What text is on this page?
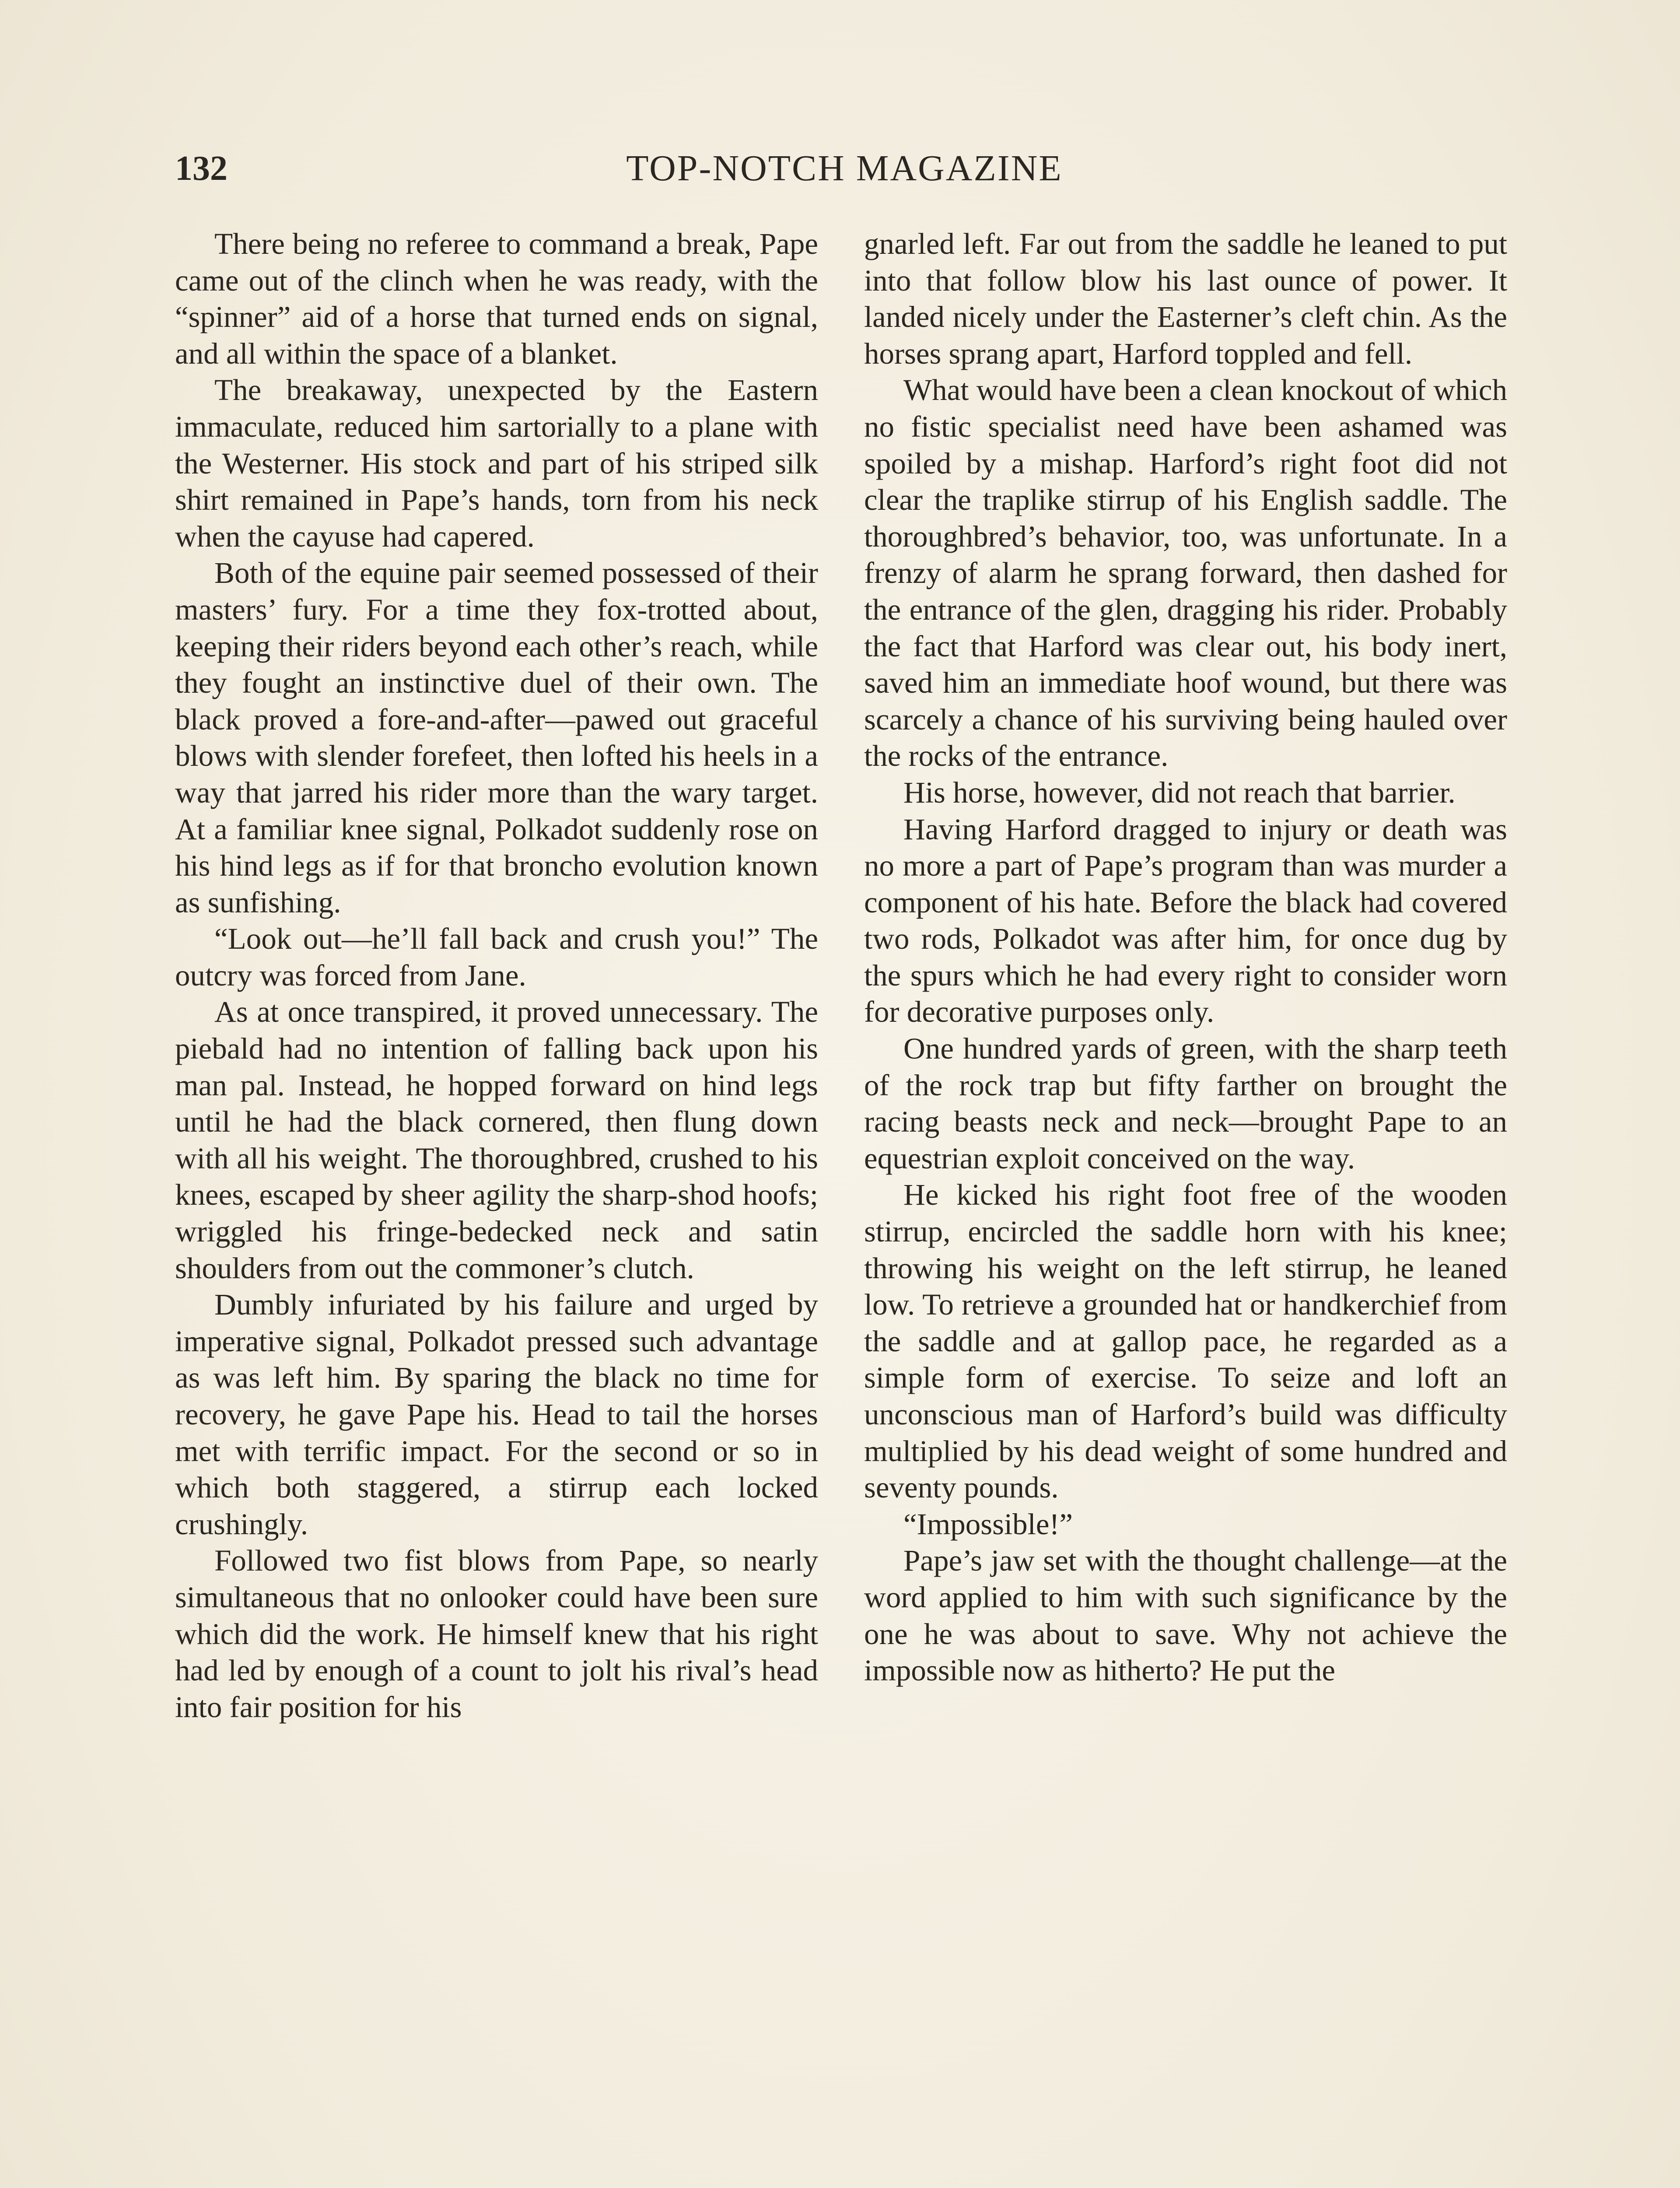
132	TOP-NOTCH MAGAZINE

There being no referee to command a break, Pape came out of the clinch when he was ready, with the “spinner” aid of a horse that turned ends on signal, and all within the space of a blanket.

The breakaway, unexpected by the Eastern immaculate, reduced him sartorially to a plane with the Westerner. His stock and part of his striped silk shirt remained in Pape’s hands, torn from his neck when the cayuse had capered.

Both of the equine pair seemed possessed of their masters’ fury. For a time they fox-trotted about, keeping their riders beyond each other’s reach, while they fought an instinctive duel of their own. The black proved a fore-and-after—pawed out graceful blows with slender forefeet, then lofted his heels in a way that jarred his rider more than the wary target. At a familiar knee signal, Polkadot suddenly rose on his hind legs as if for that broncho evolution known as sunfishing.

“Look out—he’ll fall back and crush you!” The outcry was forced from Jane.

As at once transpired, it proved unnecessary. The piebald had no intention of falling back upon his man pal. Instead, he hopped forward on hind legs until he had the black cornered, then flung down with all his weight. The thoroughbred, crushed to his knees, escaped by sheer agility the sharp-shod hoofs; wriggled his fringe-bedecked neck and satin shoulders from out the commoner’s clutch.

Dumbly infuriated by his failure and urged by imperative signal, Polkadot pressed such advantage as was left him. By sparing the black no time for recovery, he gave Pape his. Head to tail the horses met with terrific impact. For the second or so in which both staggered, a stirrup each locked crushingly.

Followed two fist blows from Pape, so nearly simultaneous that no onlooker could have been sure which did the work. He himself knew that his right had led by enough of a count to jolt his rival’s head into fair position for his

gnarled left. Far out from the saddle he leaned to put into that follow blow his last ounce of power. It landed nicely under the Easterner’s cleft chin. As the horses sprang apart, Harford toppled and fell.

What would have been a clean knockout of which no fistic specialist need have been ashamed was spoiled by a mishap. Harford’s right foot did not clear the traplike stirrup of his English saddle. The thoroughbred’s behavior, too, was unfortunate. In a frenzy of alarm he sprang forward, then dashed for the entrance of the glen, dragging his rider. Probably the fact that Harford was clear out, his body inert, saved him an immediate hoof wound, but there was scarcely a chance of his surviving being hauled over the rocks of the entrance.

His horse, however, did not reach that barrier.

Having Harford dragged to injury or death was no more a part of Pape’s program than was murder a component of his hate. Before the black had covered two rods, Polkadot was after him, for once dug by the spurs which he had every right to consider worn for decorative purposes only.

One hundred yards of green, with the sharp teeth of the rock trap but fifty farther on brought the racing beasts neck and neck—brought Pape to an equestrian exploit conceived on the way.

He kicked his right foot free of the wooden stirrup, encircled the saddle horn with his knee; throwing his weight on the left stirrup, he leaned low. To retrieve a grounded hat or handkerchief from the saddle and at gallop pace, he regarded as a simple form of exercise. To seize and loft an unconscious man of Harford’s build was difficulty multiplied by his dead weight of some hundred and seventy pounds.

“Impossible!”

Pape’s jaw set with the thought challenge—at the word applied to him with such significance by the one he was about to save. Why not achieve the impossible now as hitherto? He put the
